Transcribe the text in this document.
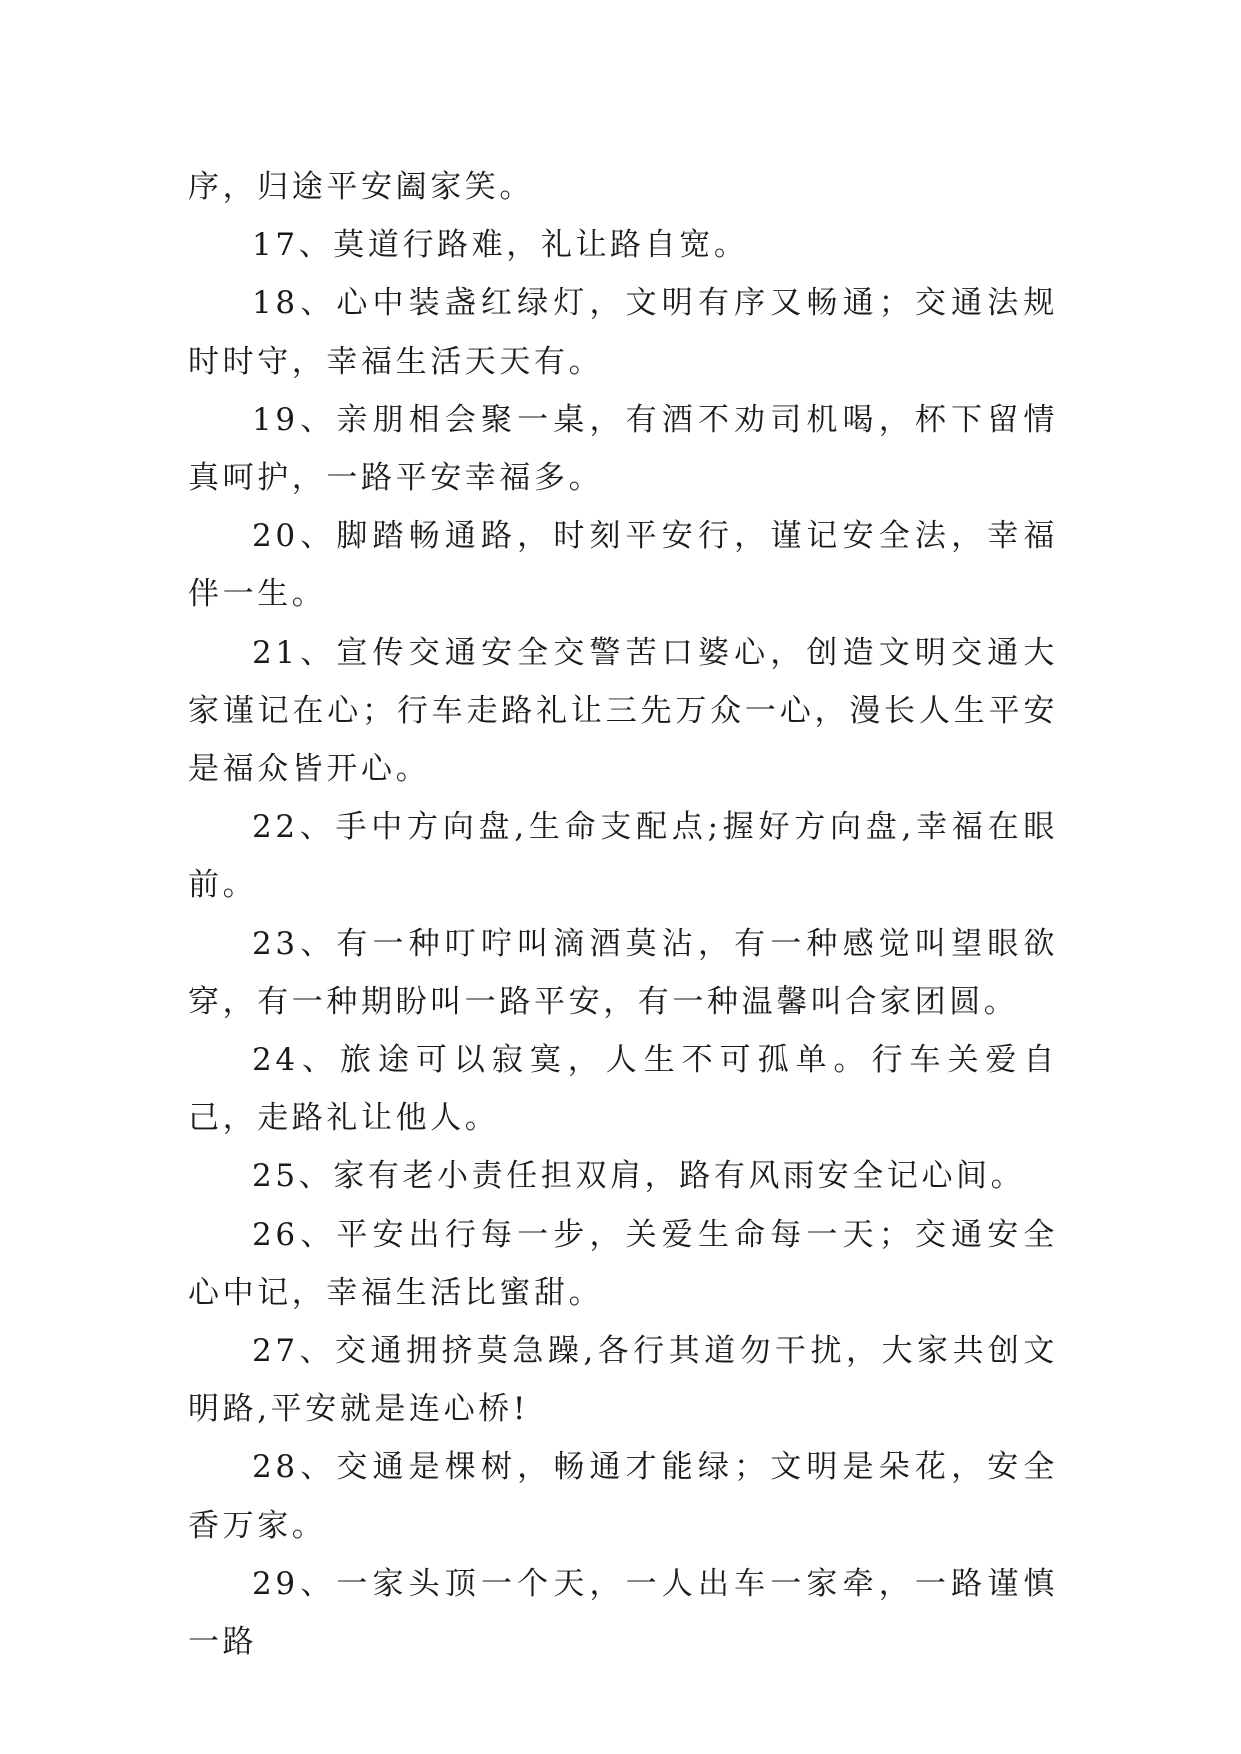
序，归途平安阖家笑。

17、莫道行路难，礼让路自宽。

18、心中装盏红绿灯，文明有序又畅通；交通法规时时守，幸福生活天天有。

19、亲朋相会聚一桌，有酒不劝司机喝，杯下留情真呵护，一路平安幸福多。

20、脚踏畅通路，时刻平安行，谨记安全法，幸福伴一生。

21、宣传交通安全交警苦口婆心，创造文明交通大家谨记在心；行车走路礼让三先万众一心，漫长人生平安是福众皆开心。

22、手中方向盘,生命支配点;握好方向盘,幸福在眼前。

23、有一种叮咛叫滴酒莫沾，有一种感觉叫望眼欲穿，有一种期盼叫一路平安，有一种温馨叫合家团圆。

24、旅途可以寂寞，人生不可孤单。行车关爱自己，走路礼让他人。

25、家有老小责任担双肩，路有风雨安全记心间。

26、平安出行每一步，关爱生命每一天；交通安全心中记，幸福生活比蜜甜。

27、交通拥挤莫急躁,各行其道勿干扰，大家共创文明路,平安就是连心桥!

28、交通是棵树，畅通才能绿；文明是朵花，安全香万家。

29、一家头顶一个天，一人出车一家牵，一路谨慎一路
